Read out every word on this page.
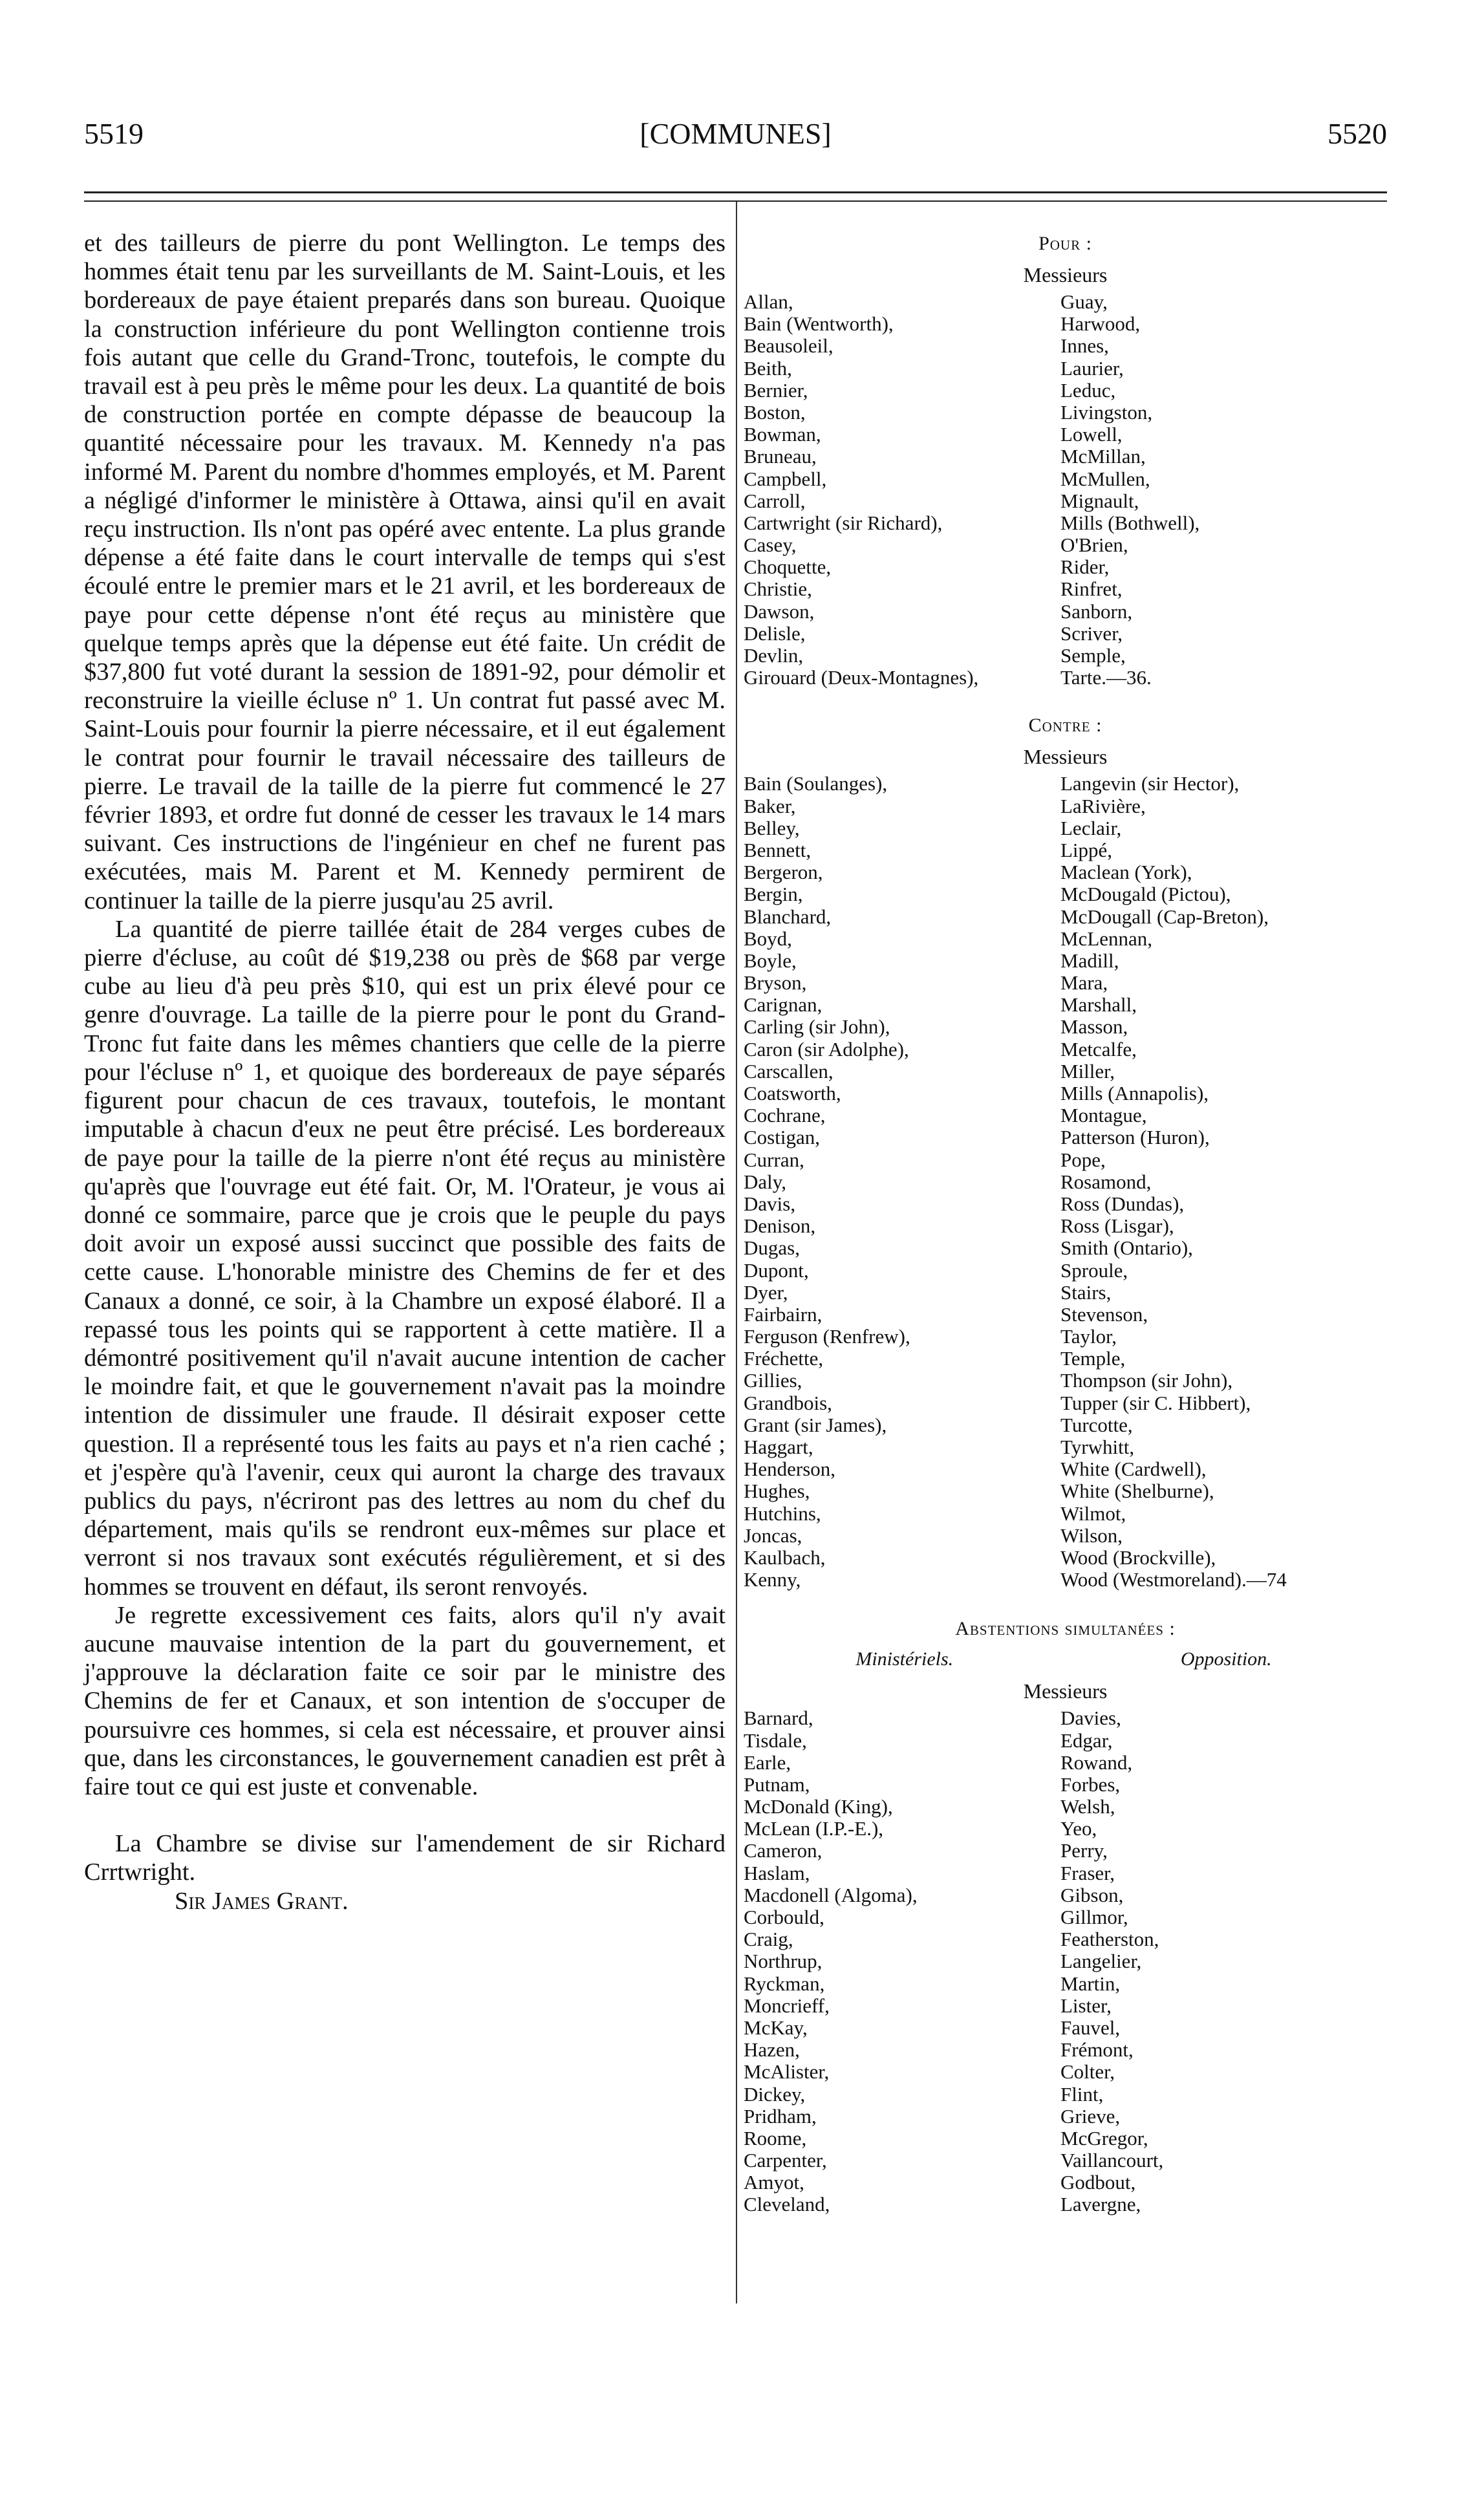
[COMMUNES]
5519	5520

et des tailleurs de pierre du pont Wellington. Le temps des hommes était tenu par les surveillants de M. Saint-Louis, et les bordereaux de paye étaient preparés dans son bureau. Quoique la construction inférieure du pont Wellington contienne trois fois autant que celle du Grand-Tronc, toutefois, le compte du travail est à peu près le même pour les deux. La quantité de bois de construction portée en compte dépasse de beaucoup la quantité nécessaire pour les travaux. M. Kennedy n'a pas informé M. Parent du nombre d'hommes employés, et M. Parent a négligé d'informer le ministère à Ottawa, ainsi qu'il en avait reçu instruction. Ils n'ont pas opéré avec entente. La plus grande dépense a été faite dans le court intervalle de temps qui s'est écoulé entre le premier mars et le 21 avril, et les bordereaux de paye pour cette dépense n'ont été reçus au ministère que quelque temps après que la dépense eut été faite. Un crédit de $37,800 fut voté durant la session de 1891-92, pour démolir et reconstruire la vieille écluse nº 1. Un contrat fut passé avec M. Saint-Louis pour fournir la pierre nécessaire, et il eut également le contrat pour fournir le travail nécessaire des tailleurs de pierre. Le travail de la taille de la pierre fut commencé le 27 février 1893, et ordre fut donné de cesser les travaux le 14 mars suivant. Ces instructions de l'ingénieur en chef ne furent pas exécutées, mais M. Parent et M. Kennedy permirent de continuer la taille de la pierre jusqu'au 25 avril.

La quantité de pierre taillée était de 284 verges cubes de pierre d'écluse, au coût dé $19,238 ou près de $68 par verge cube au lieu d'à peu près $10, qui est un prix élevé pour ce genre d'ouvrage. La taille de la pierre pour le pont du Grand-Tronc fut faite dans les mêmes chantiers que celle de la pierre pour l'écluse nº 1, et quoique des bordereaux de paye séparés figurent pour chacun de ces travaux, toutefois, le montant imputable à chacun d'eux ne peut être précisé. Les bordereaux de paye pour la taille de la pierre n'ont été reçus au ministère qu'après que l'ouvrage eut été fait. Or, M. l'Orateur, je vous ai donné ce sommaire, parce que je crois que le peuple du pays doit avoir un exposé aussi succinct que possible des faits de cette cause. L'honorable ministre des Chemins de fer et des Canaux a donné, ce soir, à la Chambre un exposé élaboré. Il a repassé tous les points qui se rapportent à cette matière. Il a démontré positivement qu'il n'avait aucune intention de cacher le moindre fait, et que le gouvernement n'avait pas la moindre intention de dissimuler une fraude. Il désirait exposer cette question. Il a représenté tous les faits au pays et n'a rien caché ; et j'espère qu'à l'avenir, ceux qui auront la charge des travaux publics du pays, n'écriront pas des lettres au nom du chef du département, mais qu'ils se rendront eux-mêmes sur place et verront si nos travaux sont exécutés régulièrement, et si des hommes se trouvent en défaut, ils seront renvoyés.

Je regrette excessivement ces faits, alors qu'il n'y avait aucune mauvaise intention de la part du gouvernement, et j'approuve la déclaration faite ce soir par le ministre des Chemins de fer et Canaux, et son intention de s'occuper de poursuivre ces hommes, si cela est nécessaire, et prouver ainsi que, dans les circonstances, le gouvernement canadien est prêt à faire tout ce qui est juste et convenable.

La Chambre se divise sur l'amendement de sir Richard Crrtwright.

Sir James Grant.

Pour :
Messieurs
Allan,	Guay,
Bain (Wentworth),	Harwood,
Beausoleil,	Innes,
Beith,	Laurier,
Bernier,	Leduc,
Boston,	Livingston,
Bowman,	Lowell,
Bruneau,	McMillan,
Campbell,	McMullen,
Carroll,	Mignault,
Cartwright (sir Richard),	Mills (Bothwell),
Casey,	O'Brien,
Choquette,	Rider,
Christie,	Rinfret,
Dawson,	Sanborn,
Delisle,	Scriver,
Devlin,	Semple,
Girouard (Deux-Montagnes),	Tarte.—36.
Contre :
Messieurs
Bain (Soulanges),	Langevin (sir Hector),
Baker,	LaRivière,
Belley,	Leclair,
Bennett,	Lippé,
Bergeron,	Maclean (York),
Bergin,	McDougald (Pictou),
Blanchard,	McDougall (Cap-Breton),
Boyd,	McLennan,
Boyle,	Madill,
Bryson,	Mara,
Carignan,	Marshall,
Carling (sir John),	Masson,
Caron (sir Adolphe),	Metcalfe,
Carscallen,	Miller,
Coatsworth,	Mills (Annapolis),
Cochrane,	Montague,
Costigan,	Patterson (Huron),
Curran,	Pope,
Daly,	Rosamond,
Davis,	Ross (Dundas),
Denison,	Ross (Lisgar),
Dugas,	Smith (Ontario),
Dupont,	Sproule,
Dyer,	Stairs,
Fairbairn,	Stevenson,
Ferguson (Renfrew),	Taylor,
Fréchette,	Temple,
Gillies,	Thompson (sir John),
Grandbois,	Tupper (sir C. Hibbert),
Grant (sir James),	Turcotte,
Haggart,	Tyrwhitt,
Henderson,	White (Cardwell),
Hughes,	White (Shelburne),
Hutchins,	Wilmot,
Joncas,	Wilson,
Kaulbach,	Wood (Brockville),
Kenny,	Wood (Westmoreland).—74
Abstentions simultanées :
Ministériels.	Opposition.
Messieurs
Barnard,	Davies,
Tisdale,	Edgar,
Earle,	Rowand,
Putnam,	Forbes,
McDonald (King),	Welsh,
McLean (I.P.-E.),	Yeo,
Cameron,	Perry,
Haslam,	Fraser,
Macdonell (Algoma),	Gibson,
Corbould,	Gillmor,
Craig,	Featherston,
Northrup,	Langelier,
Ryckman,	Martin,
Moncrieff,	Lister,
McKay,	Fauvel,
Hazen,	Frémont,
McAlister,	Colter,
Dickey,	Flint,
Pridham,	Grieve,
Roome,	McGregor,
Carpenter,	Vaillancourt,
Amyot,	Godbout,
Cleveland,	Lavergne,
